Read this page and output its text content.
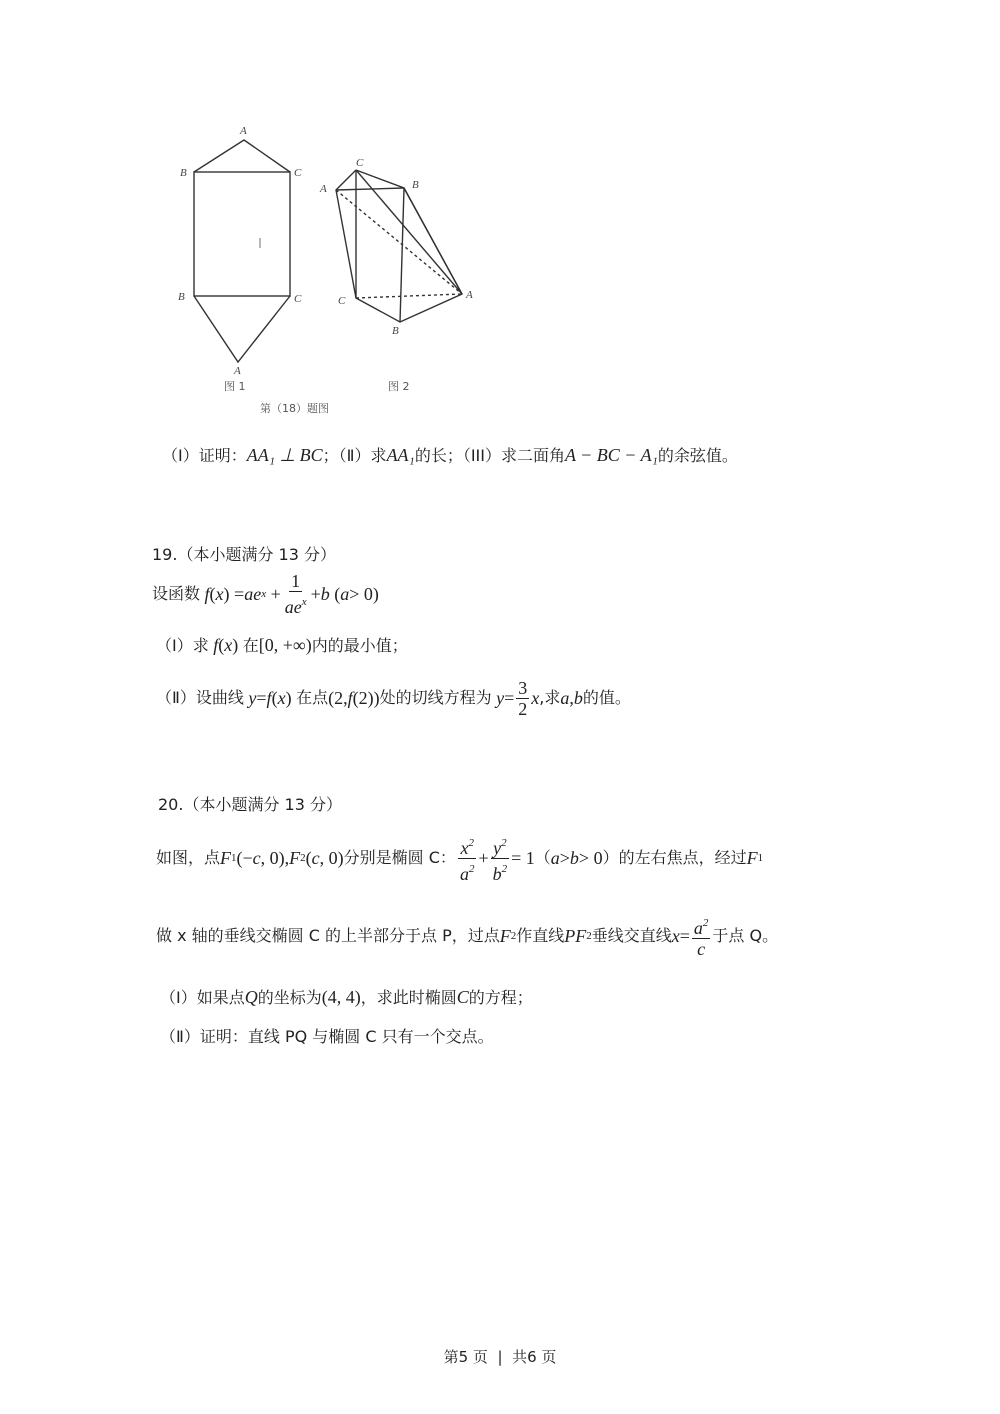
A
B	C
B	C
A
图 1
C
A	B
C
B
A
图 2
第（18）题图
（Ⅰ）证明：AA₁ ⊥ BC；（Ⅱ）求AA₁的长；（III）求二面角A − BC − A₁的余弦值。
19.（本小题满分 13 分）
设函数 f ( x ) = ae $x + \frac{1}{ae^x} + b$ ( a > 0)
（Ⅰ）求 f(x) 在[0, +∞)内的最小值；
（Ⅱ）设曲线 y = f ( x ) 在点 (2, f (2)) 处的切线方程为 $y = \frac{3}{2}$ x ,求 a , b 的值。
20.（本小题满分 13 分）
如图，点 F 1 (− c , 0), F 2 ( c , 0) 分别是椭圆 C： $\frac{x^2}{a^2} + \frac{y^2}{b^2} = 1$ （ a > b > 0 ）的左右焦点，经过 F 1
做 x 轴的垂线交椭圆 C 的上半部分于点 P，过点 F 2 作直线 PF 2 垂线交直线 $x = \frac{a^2}{c}$ 于点 Q。
（Ⅰ）如果点Q的坐标为(4, 4)，求此时椭圆C的方程；
（Ⅱ）证明：直线 PQ 与椭圆 C 只有一个交点。
第5 页  |  共6 页
